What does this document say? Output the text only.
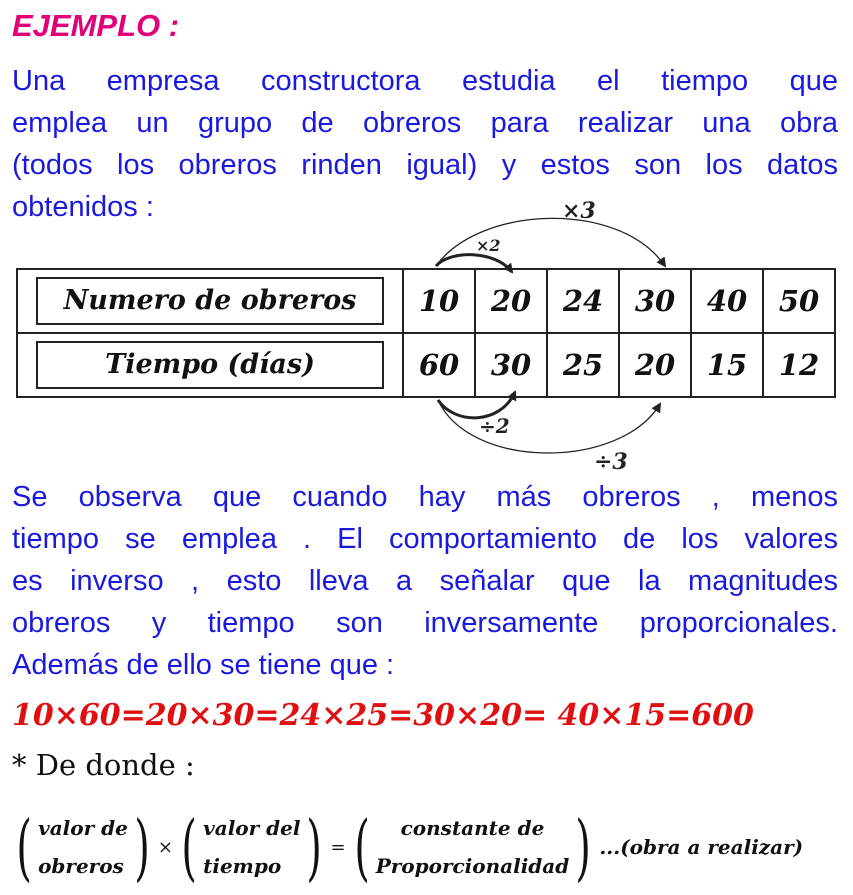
EJEMPLO :
Una empresa constructora estudia el tiempo que
emplea un grupo de obreros para realizar una obra
(todos los obreros rinden igual) y estos son los datos
obtenidos :	×3
×2
÷2
÷3
Numero de obreros	10	20	24	30	40	50

Tiempo (días)	60	30	25	20	15	12
Se observa que cuando hay más obreros , menos
tiempo se emplea . El comportamiento de los valores
es inverso , esto lleva a señalar que la magnitudes
obreros y tiempo son inversamente proporcionales.
Además de ello se tiene que :
10×60=20×30=24×25=30×20= 40×15=600
* De donde :
( valor de
obreros ) × ( valor del
tiempo ) = (	constante de
Proporcionalidad ) ...(obra a realizar)
